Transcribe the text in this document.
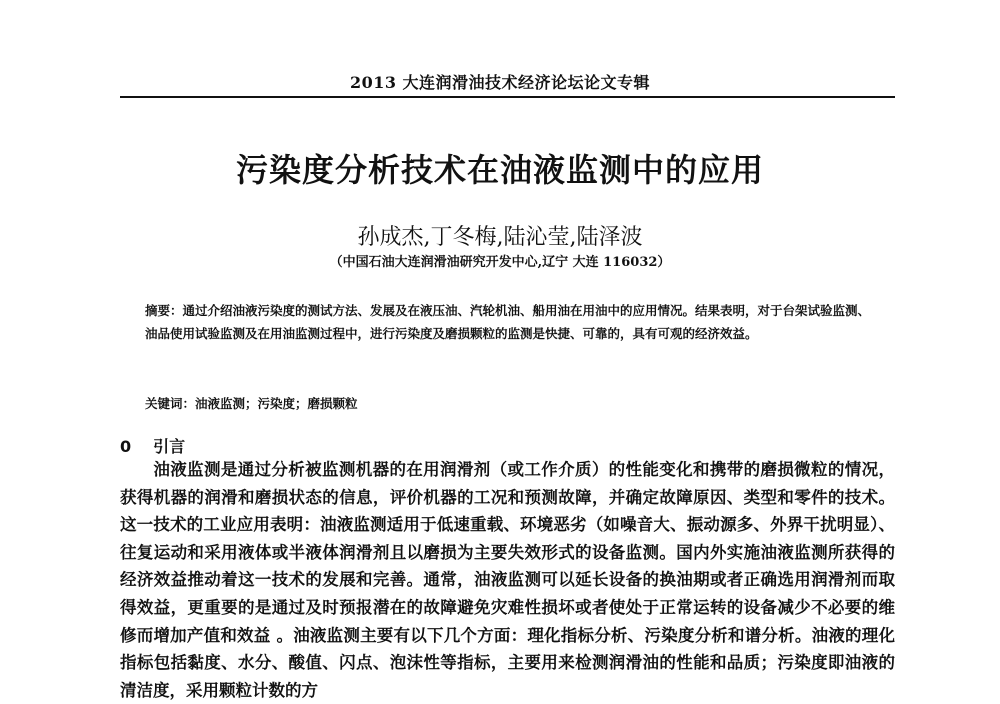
2013 大连润滑油技术经济论坛论文专辑
污染度分析技术在油液监测中的应用
孙成杰,丁冬梅,陆沁莹,陆泽波
（中国石油大连润滑油研究开发中心,辽宁 大连 116032）
摘要：通过介绍油液污染度的测试方法、发展及在液压油、汽轮机油、船用油在用油中的应用情况。结果表明，对于台架试验监测、油品使用试验监测及在用油监测过程中，进行污染度及磨损颗粒的监测是快捷、可靠的，具有可观的经济效益。
关键词：油液监测；污染度；磨损颗粒
0 引言
油液监测是通过分析被监测机器的在用润滑剂（或工作介质）的性能变化和携带的磨损微粒的情况，获得机器的润滑和磨损状态的信息，评价机器的工况和预测故障，并确定故障原因、类型和零件的技术。这一技术的工业应用表明：油液监测适用于低速重载、环境恶劣（如噪音大、振动源多、外界干扰明显）、往复运动和采用液体或半液体润滑剂且以磨损为主要失效形式的设备监测。国内外实施油液监测所获得的经济效益推动着这一技术的发展和完善。通常，油液监测可以延长设备的换油期或者正确选用润滑剂而取得效益，更重要的是通过及时预报潜在的故障避免灾难性损坏或者使处于正常运转的设备减少不必要的维修而增加产值和效益 。油液监测主要有以下几个方面：理化指标分析、污染度分析和谱分析。油液的理化指标包括黏度、水分、酸值、闪点、泡沫性等指标，主要用来检测润滑油的性能和品质；污染度即油液的清洁度，采用颗粒计数的方
